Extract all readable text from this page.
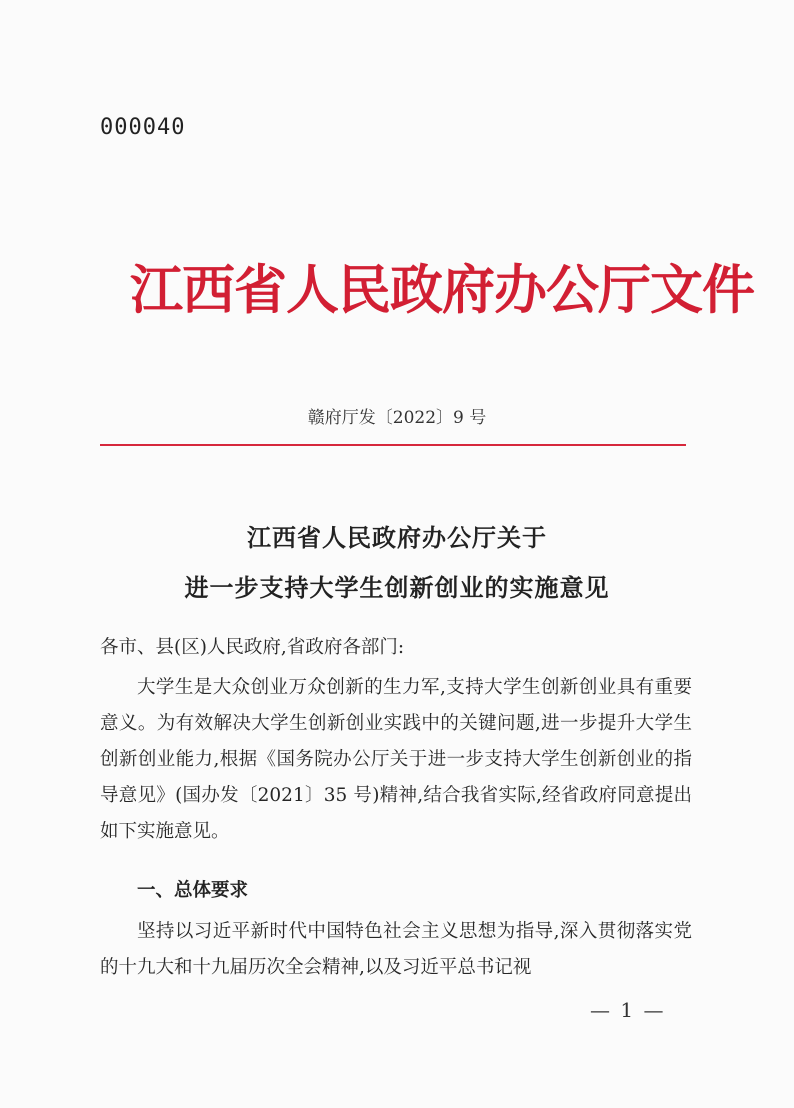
000040
江西省人民政府办公厅文件
赣府厅发〔2022〕9 号
江西省人民政府办公厅关于
进一步支持大学生创新创业的实施意见
各市、县(区)人民政府,省政府各部门:
大学生是大众创业万众创新的生力军,支持大学生创新创业具有重要意义。为有效解决大学生创新创业实践中的关键问题,进一步提升大学生创新创业能力,根据《国务院办公厅关于进一步支持大学生创新创业的指导意见》(国办发〔2021〕35 号)精神,结合我省实际,经省政府同意提出如下实施意见。
一、总体要求
坚持以习近平新时代中国特色社会主义思想为指导,深入贯彻落实党的十九大和十九届历次全会精神,以及习近平总书记视
— 1 —
